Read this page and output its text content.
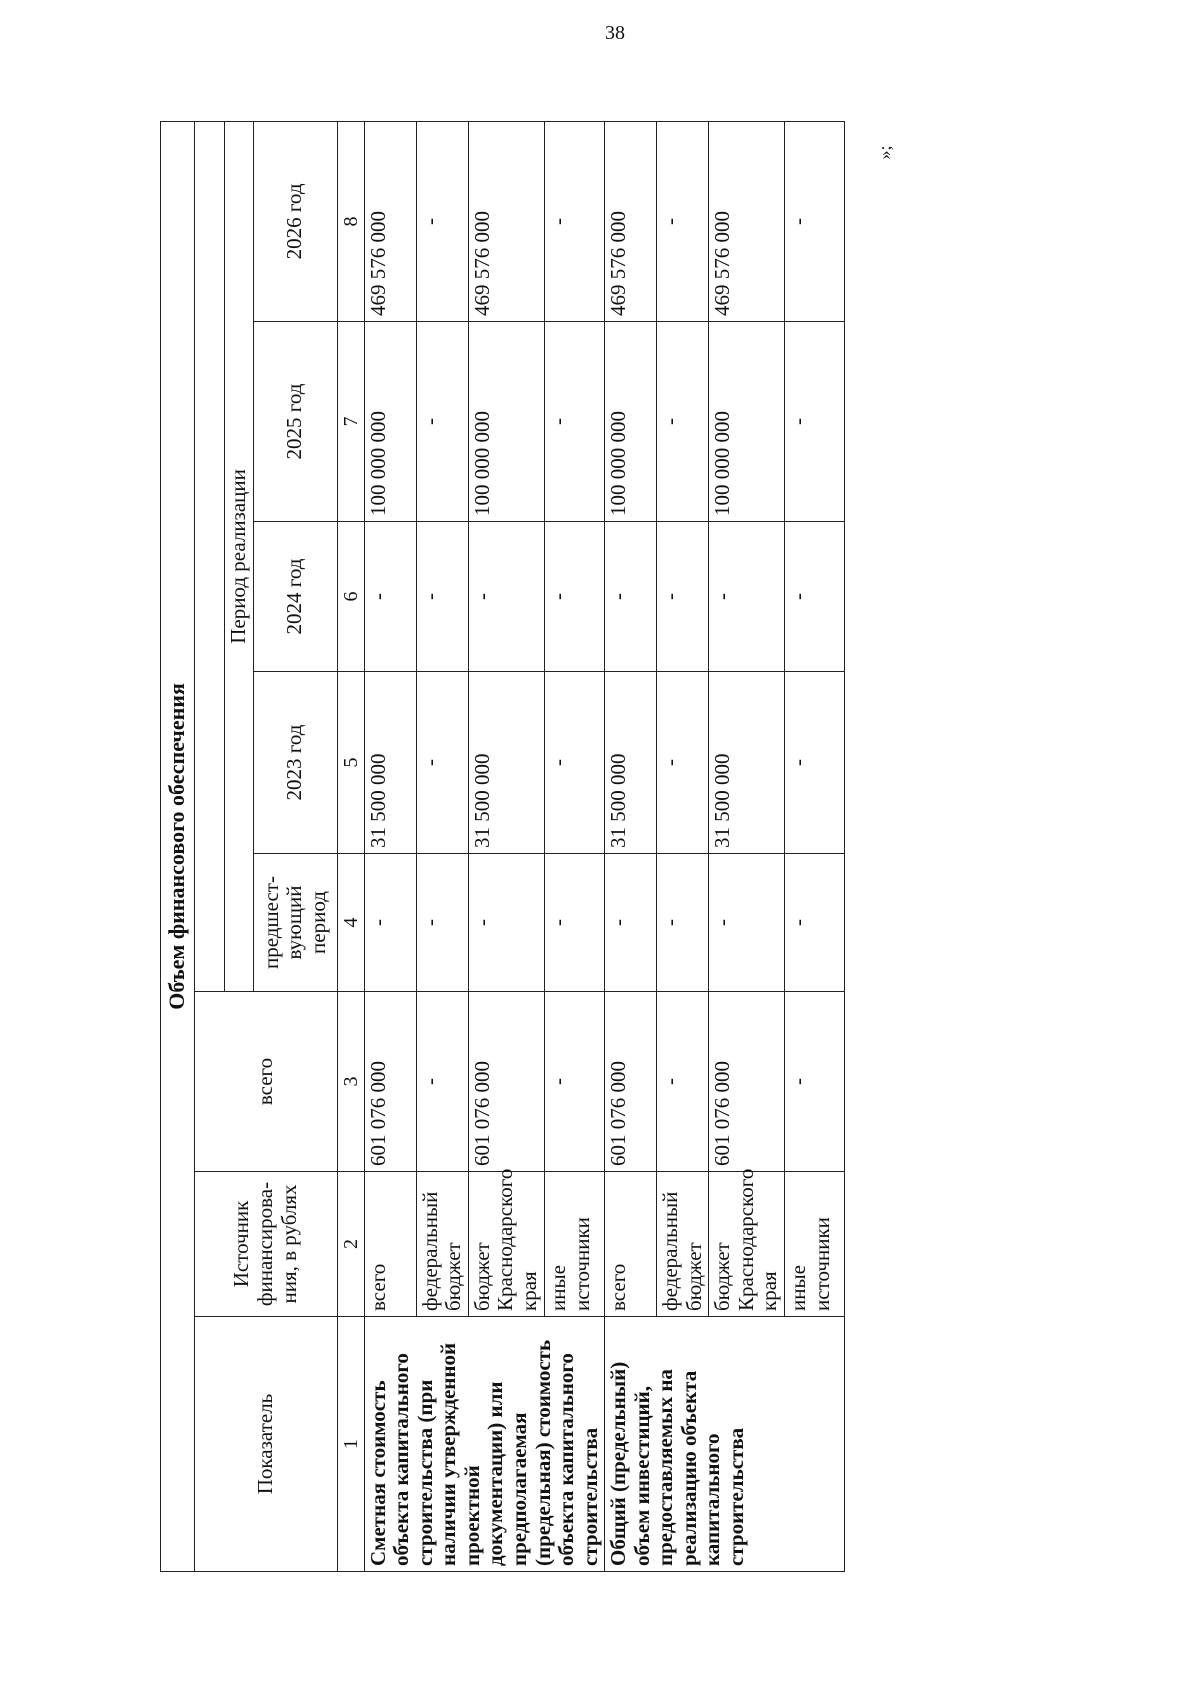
38
»;
Объем финансового обеспечения							
Показатель	Источник финансирова-ния, в рублях	всего					
			Период реализации				
			предшест-вующий период	2023 год	2024 год	2025 год	2026 год
1	2	3	4	5	6	7	8
Сметная стоимость объекта капитального строительства (при наличии утвержденной проектной документации) или предполагаемая (предельная) стоимость объекта капитального строительства	всего	601 076 000	-	31 500 000	-	100 000 000	469 576 000
	федеральный бюджет	-	-	-	-	-	-
	бюджет Краснодарского края	601 076 000	-	31 500 000	-	100 000 000	469 576 000
	иные источники	-	-	-	-	-	-
Общий (предельный) объем инвестиций, предоставляемых на реализацию объекта капитального строительства	всего	601 076 000	-	31 500 000	-	100 000 000	469 576 000
	федеральный бюджет	-	-	-	-	-	-
	бюджет Краснодарского края	601 076 000	-	31 500 000	-	100 000 000	469 576 000
	иные источники	-	-	-	-	-	-
